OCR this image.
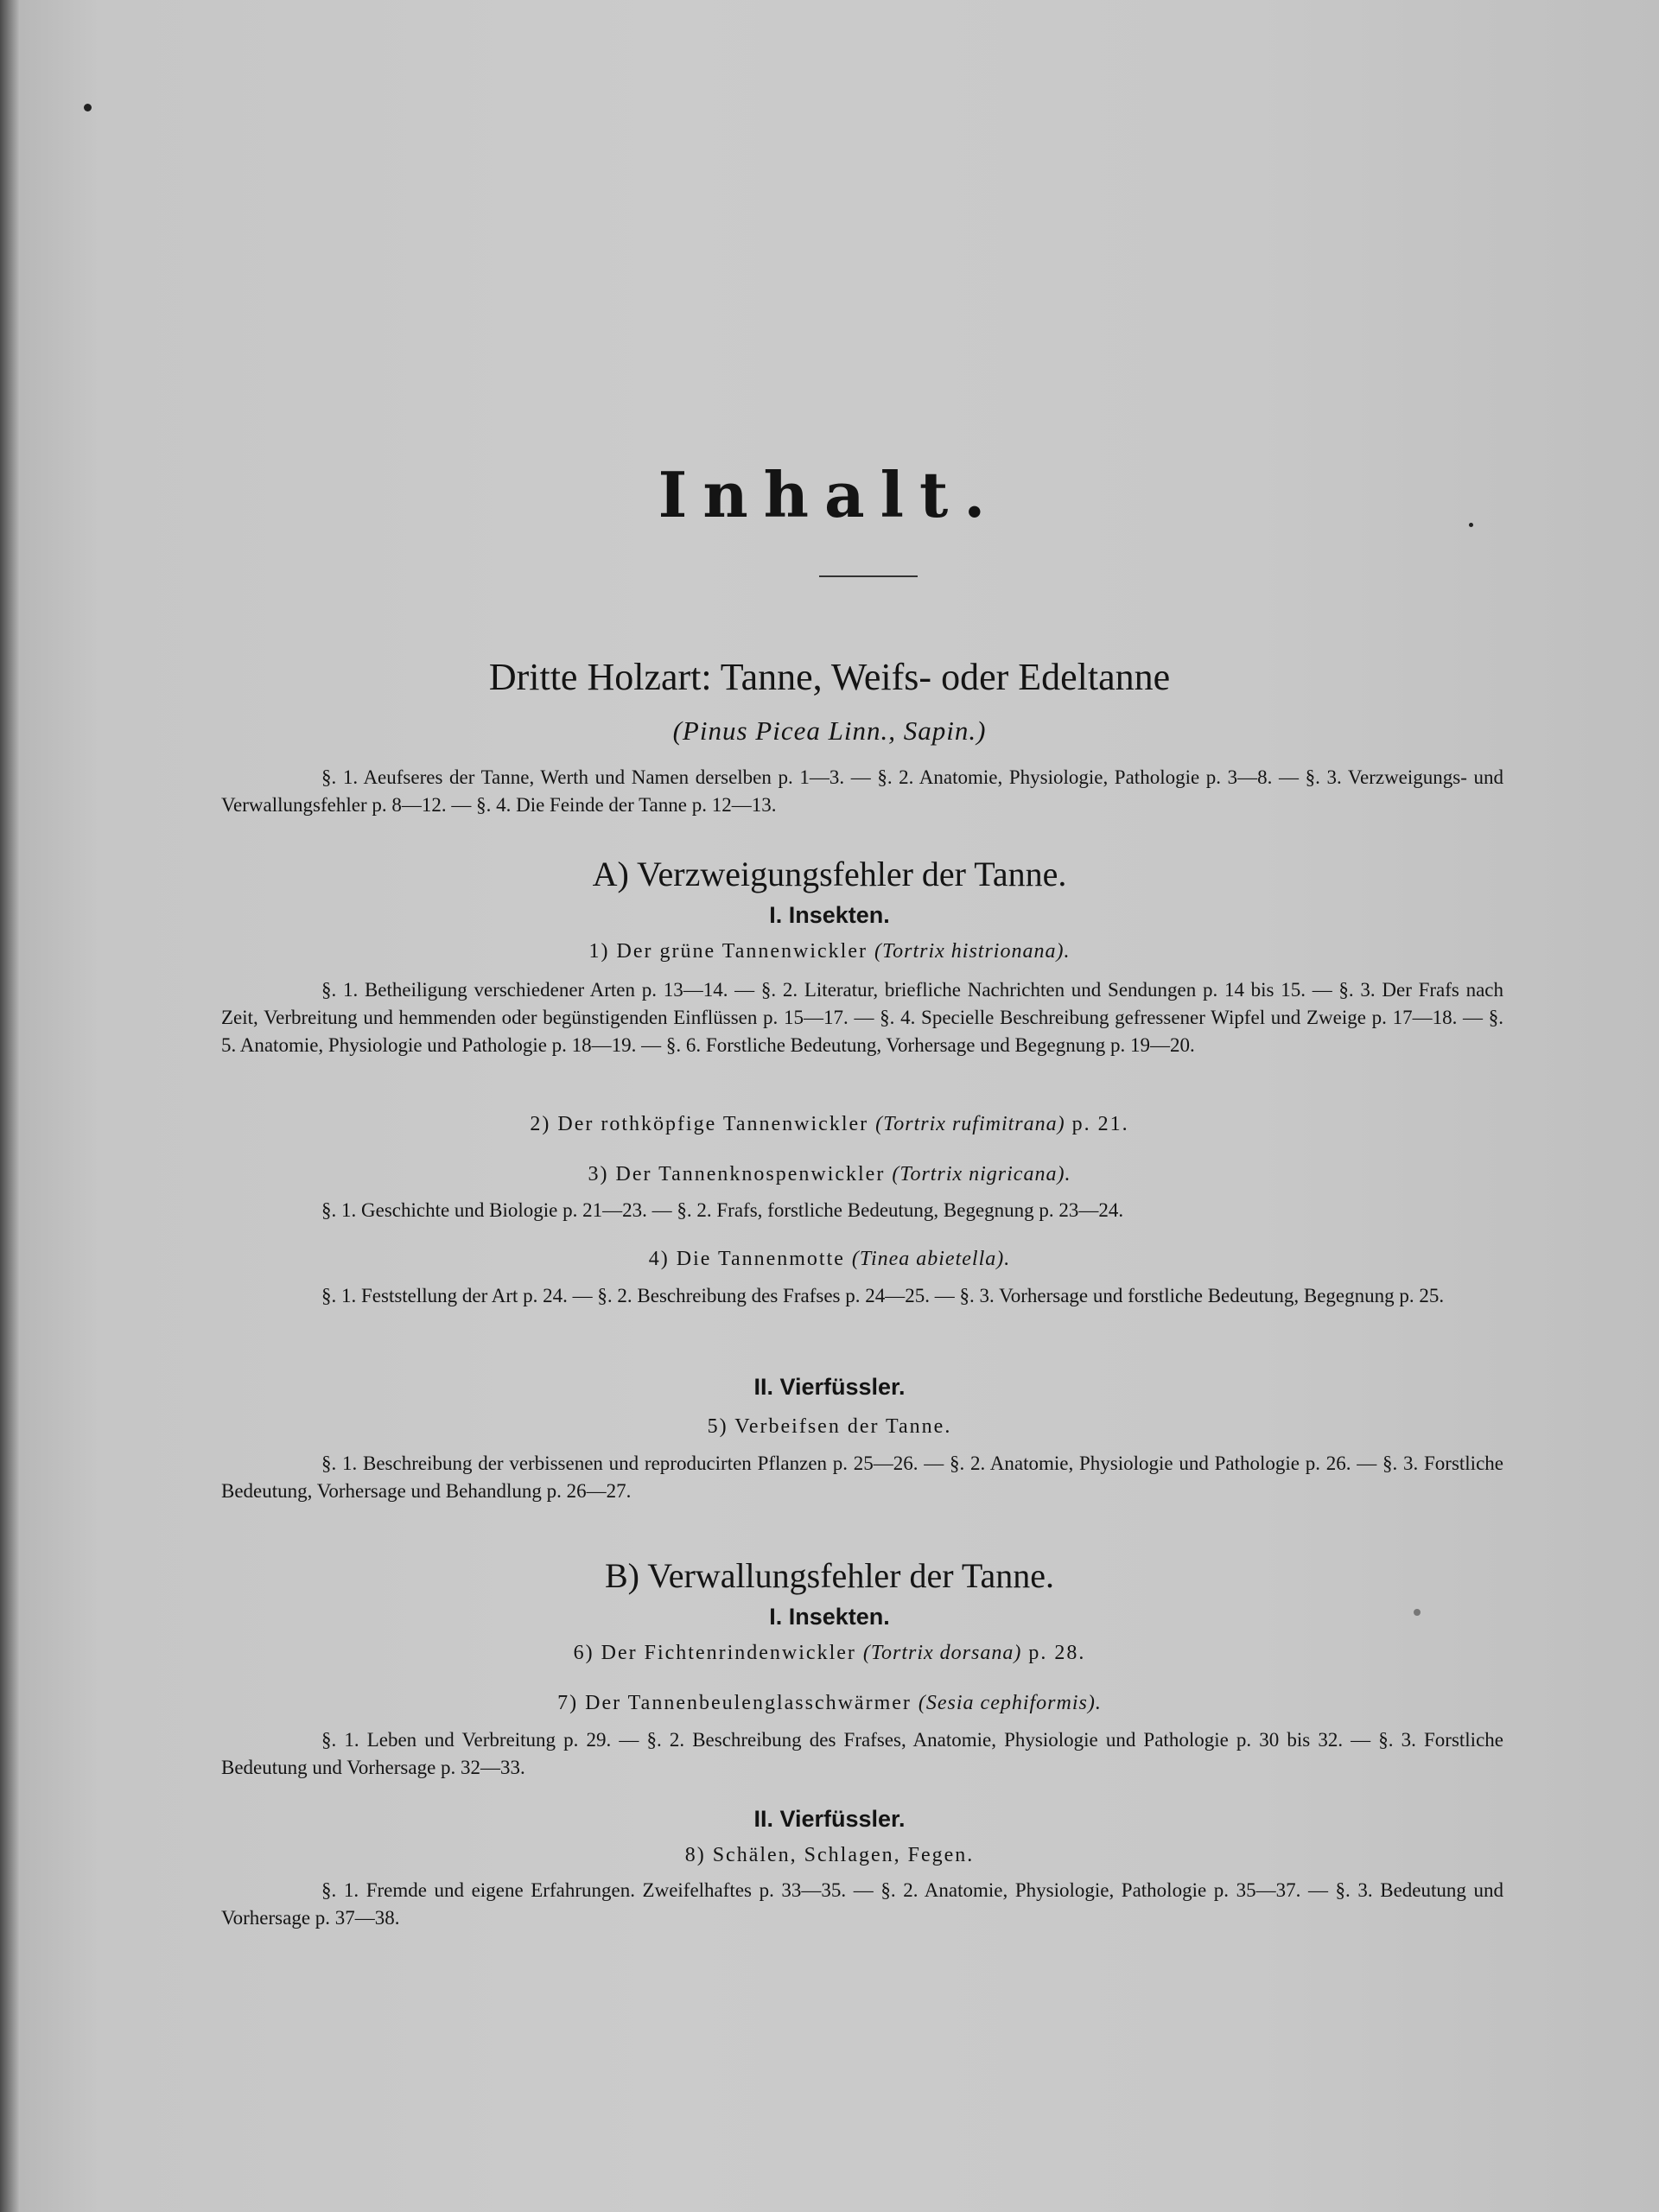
Inhalt.
Dritte Holzart: Tanne, Weifs- oder Edeltanne
(Pinus Picea Linn., Sapin.)
§. 1. Aeufseres der Tanne, Werth und Namen derselben p. 1—3. — §. 2. Anatomie, Physiologie, Pathologie p. 3—8. — §. 3. Verzweigungs- und Verwallungsfehler p. 8—12. — §. 4. Die Feinde der Tanne p. 12—13.
A) Verzweigungsfehler der Tanne.
I. Insekten.
1) Der grüne Tannenwickler (Tortrix histrionana).
§. 1. Betheiligung verschiedener Arten p. 13—14. — §. 2. Literatur, briefliche Nachrichten und Sendungen p. 14 bis 15. — §. 3. Der Frafs nach Zeit, Verbreitung und hemmenden oder begünstigenden Einflüssen p. 15—17. — §. 4. Specielle Beschreibung gefressener Wipfel und Zweige p. 17—18. — §. 5. Anatomie, Physiologie und Pathologie p. 18—19. — §. 6. Forstliche Bedeutung, Vorhersage und Begegnung p. 19—20.
2) Der rothköpfige Tannenwickler (Tortrix rufimitrana) p. 21.
3) Der Tannenknospenwickler (Tortrix nigricana).
§. 1. Geschichte und Biologie p. 21—23. — §. 2. Frafs, forstliche Bedeutung, Begegnung p. 23—24.
4) Die Tannenmotte (Tinea abietella).
§. 1. Feststellung der Art p. 24. — §. 2. Beschreibung des Frafses p. 24—25. — §. 3. Vorhersage und forstliche Bedeutung, Begegnung p. 25.
II. Vierfüssler.
5) Verbeifsen der Tanne.
§. 1. Beschreibung der verbissenen und reproducirten Pflanzen p. 25—26. — §. 2. Anatomie, Physiologie und Pathologie p. 26. — §. 3. Forstliche Bedeutung, Vorhersage und Behandlung p. 26—27.
B) Verwallungsfehler der Tanne.
I. Insekten.
6) Der Fichtenrindenwickler (Tortrix dorsana) p. 28.
7) Der Tannenbeulenglasschwärmer (Sesia cephiformis).
§. 1. Leben und Verbreitung p. 29. — §. 2. Beschreibung des Frafses, Anatomie, Physiologie und Pathologie p. 30 bis 32. — §. 3. Forstliche Bedeutung und Vorhersage p. 32—33.
II. Vierfüssler.
8) Schälen, Schlagen, Fegen.
§. 1. Fremde und eigene Erfahrungen. Zweifelhaftes p. 33—35. — §. 2. Anatomie, Physiologie, Pathologie p. 35—37. — §. 3. Bedeutung und Vorhersage p. 37—38.
